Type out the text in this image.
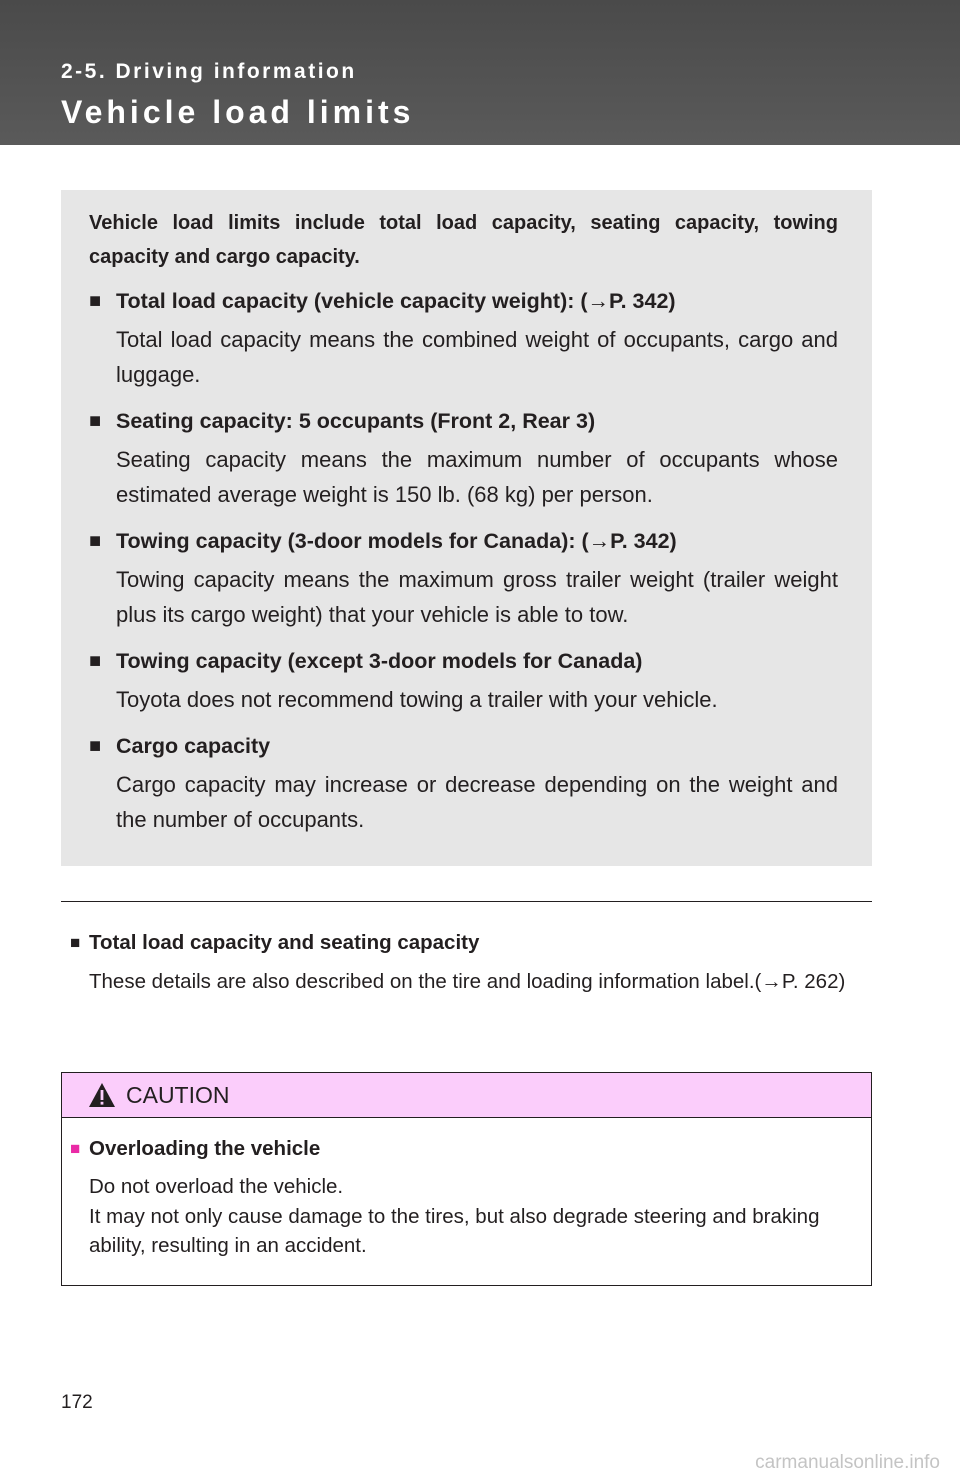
2-5. Driving information
Vehicle load limits

Vehicle load limits include total load capacity, seating capacity, towing capacity and cargo capacity.

■ Total load capacity (vehicle capacity weight): (→P. 342)

Total load capacity means the combined weight of occupants, cargo and luggage.

■ Seating capacity: 5 occupants (Front 2, Rear 3)

Seating capacity means the maximum number of occupants whose estimated average weight is 150 lb. (68 kg) per person.

■ Towing capacity (3-door models for Canada): (→P. 342)

Towing capacity means the maximum gross trailer weight (trailer weight plus its cargo weight) that your vehicle is able to tow.

■ Towing capacity (except 3-door models for Canada)

Toyota does not recommend towing a trailer with your vehicle.

■ Cargo capacity

Cargo capacity may increase or decrease depending on the weight and the number of occupants.

■ Total load capacity and seating capacity

These details are also described on the tire and loading information label.(→P. 262)

CAUTION
■ Overloading the vehicle

Do not overload the vehicle.
It may not only cause damage to the tires, but also degrade steering and braking ability, resulting in an accident.

172
carmanualsonline.info
